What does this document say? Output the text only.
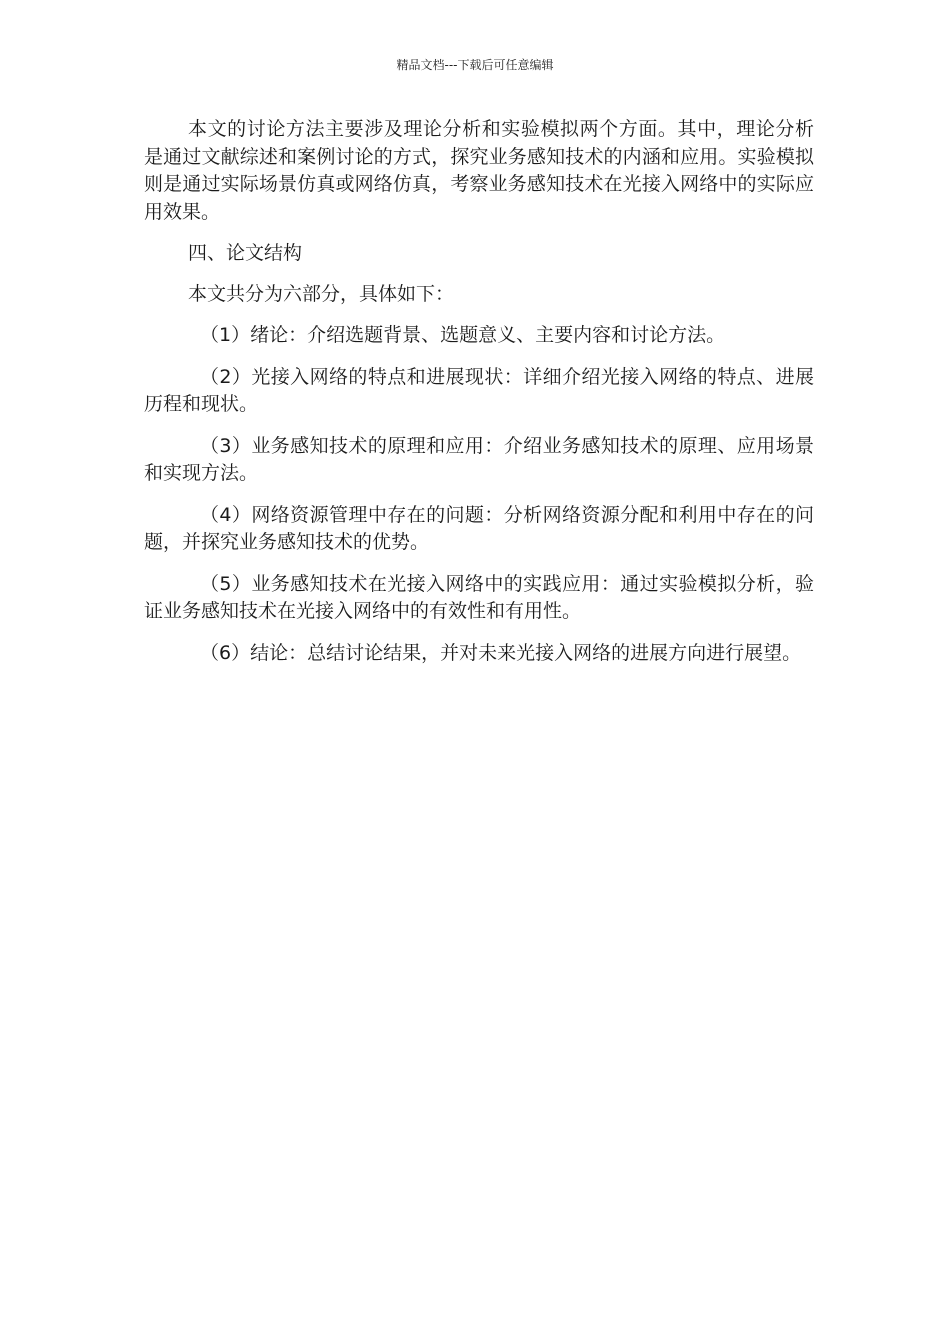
精品文档---下载后可任意编辑

本文的讨论方法主要涉及理论分析和实验模拟两个方面。其中，理论分析是通过文献综述和案例讨论的方式，探究业务感知技术的内涵和应用。实验模拟则是通过实际场景仿真或网络仿真，考察业务感知技术在光接入网络中的实际应用效果。

四、论文结构

本文共分为六部分，具体如下：

（1）绪论：介绍选题背景、选题意义、主要内容和讨论方法。

（2）光接入网络的特点和进展现状：详细介绍光接入网络的特点、进展历程和现状。

（3）业务感知技术的原理和应用：介绍业务感知技术的原理、应用场景和实现方法。

（4）网络资源管理中存在的问题：分析网络资源分配和利用中存在的问题，并探究业务感知技术的优势。

（5）业务感知技术在光接入网络中的实践应用：通过实验模拟分析，验证业务感知技术在光接入网络中的有效性和有用性。

（6）结论：总结讨论结果，并对未来光接入网络的进展方向进行展望。
